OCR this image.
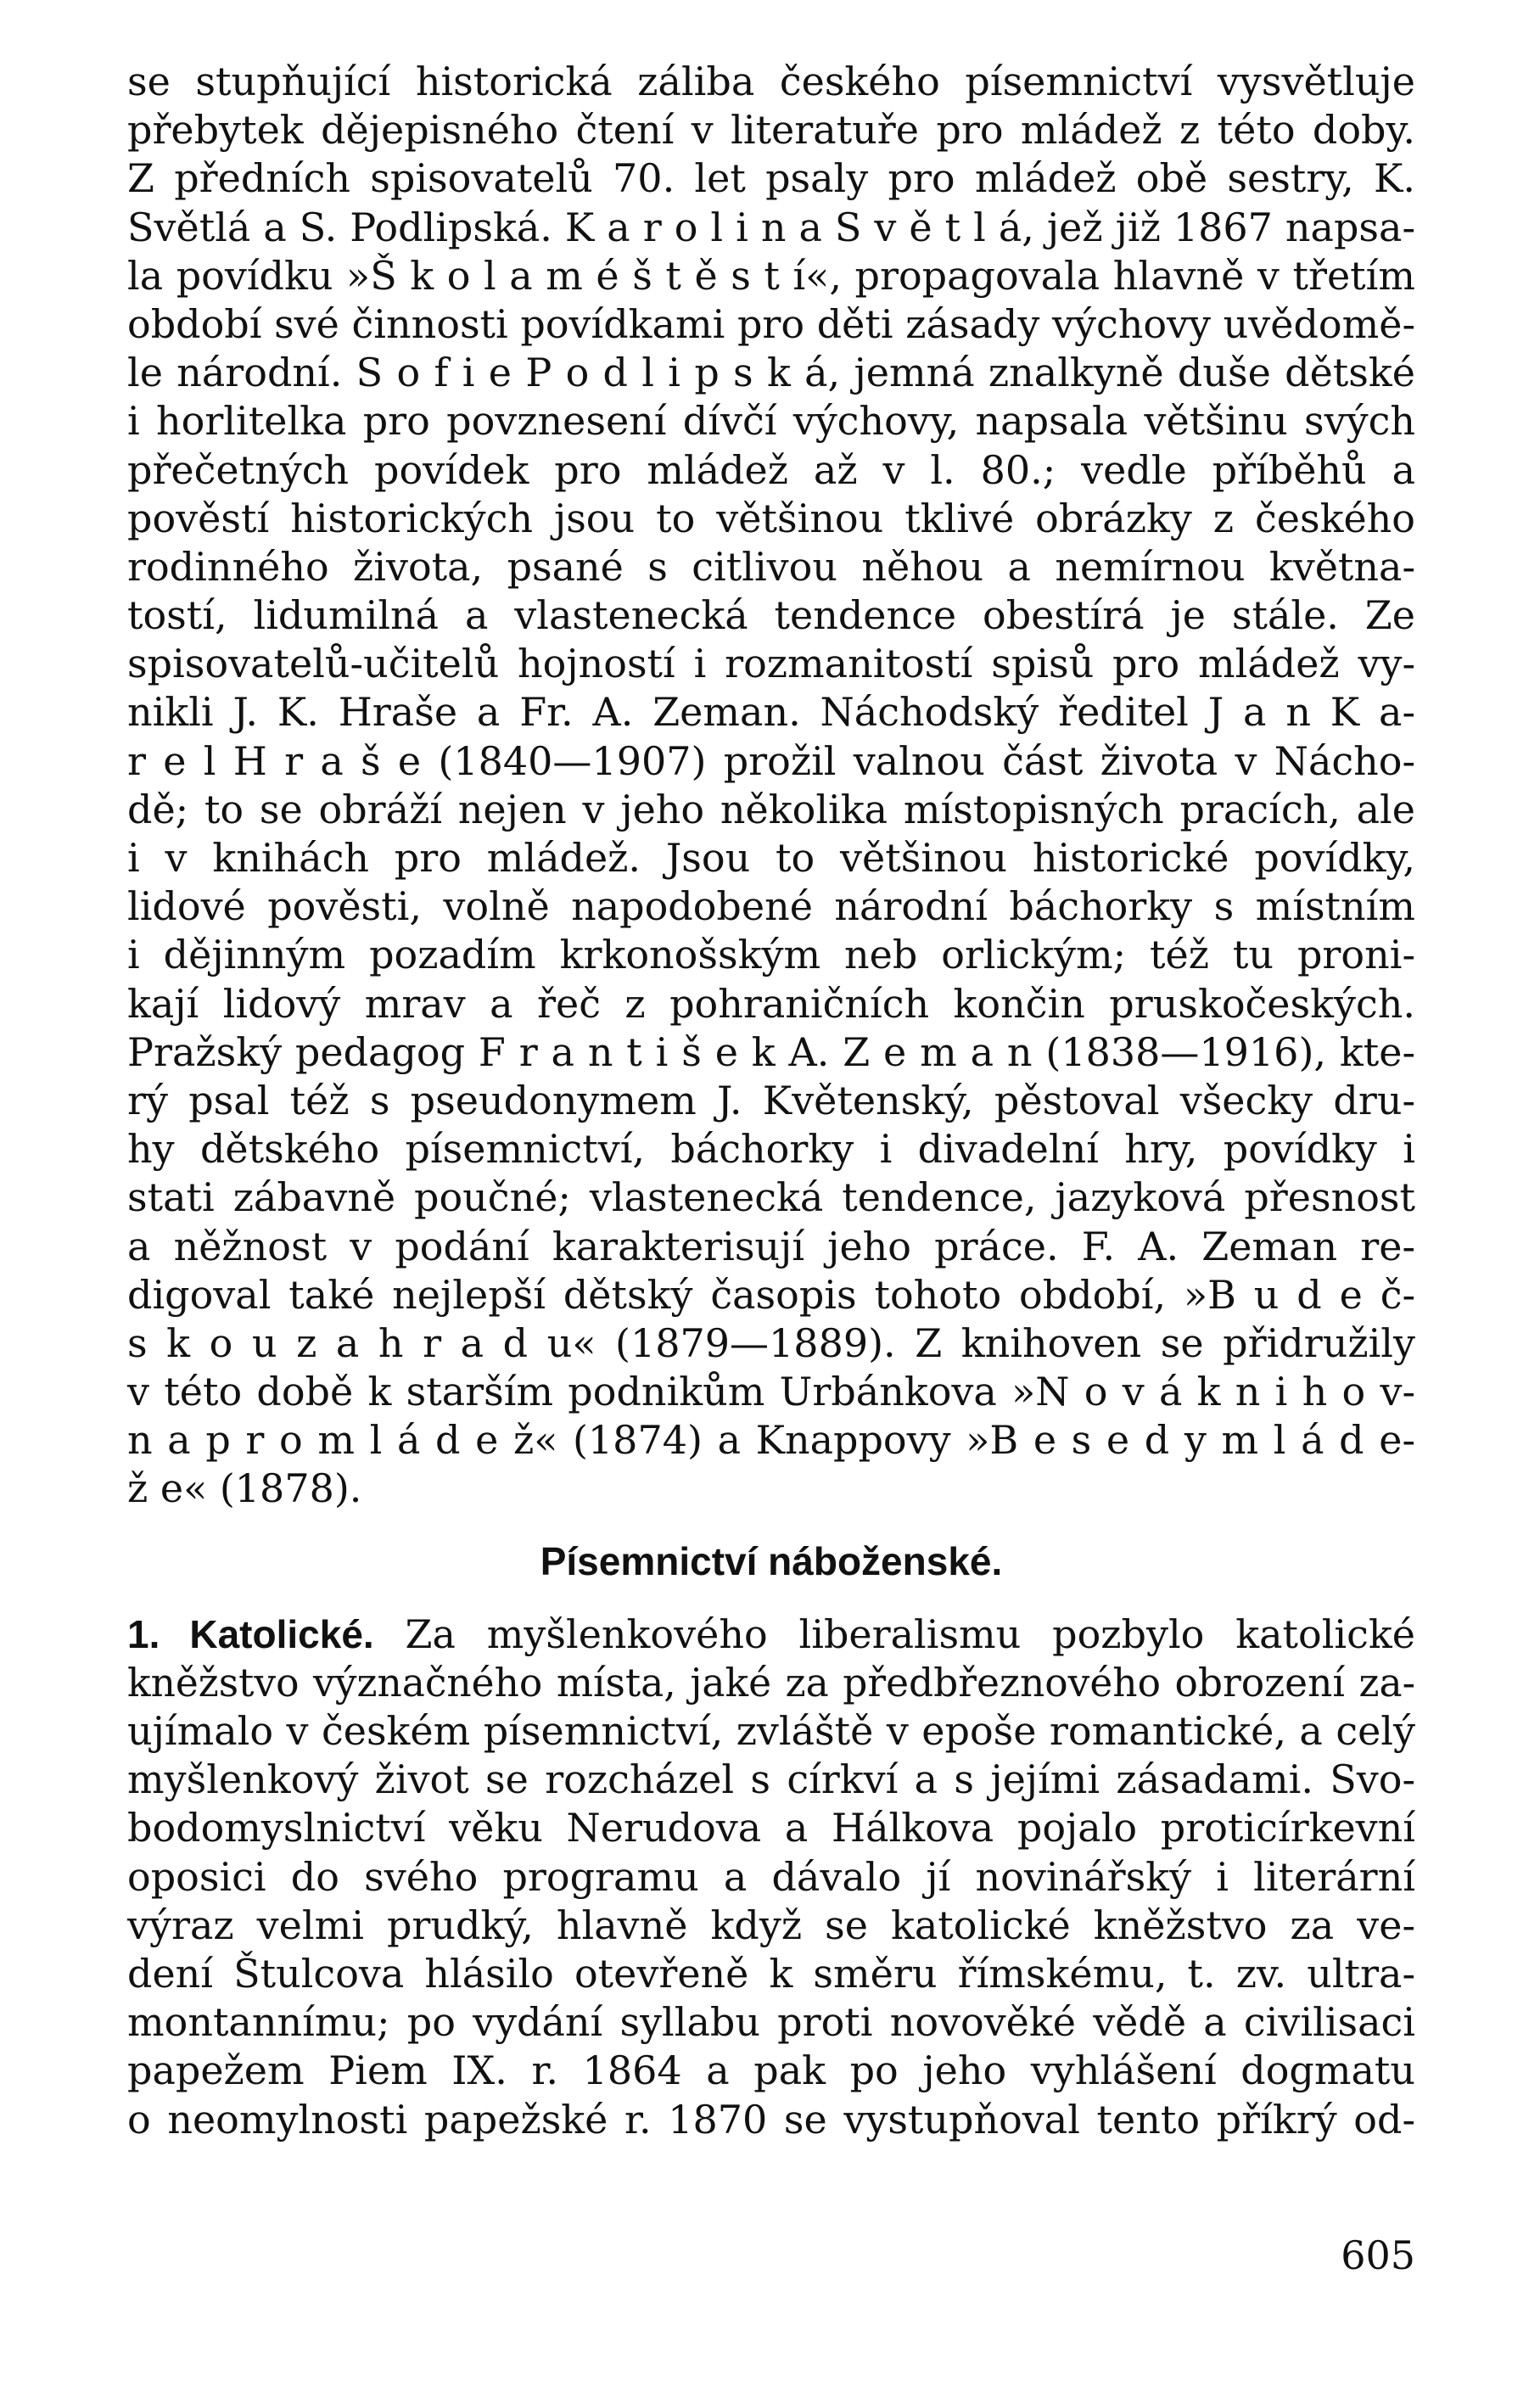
se stupňující historická záliba českého písemnictví vysvětluje
přebytek dějepisného čtení v literatuře pro mládež z této doby.
Z předních spisovatelů 70. let psaly pro mládež obě sestry, K.
Světlá a S. Podlipská. K a r o l i n a S v ě t l á, jež již 1867 napsa-
la povídku »Š k o l a m é š t ě s t í«, propagovala hlavně v třetím
období své činnosti povídkami pro děti zásady výchovy uvědomě-
le národní. S o f i e P o d l i p s k á, jemná znalkyně duše dětské
i horlitelka pro povznesení dívčí výchovy, napsala většinu svých
přečetných povídek pro mládež až v l. 80.; vedle příběhů a
pověstí historických jsou to většinou tklivé obrázky z českého
rodinného života, psané s citlivou něhou a nemírnou května-
tostí, lidumilná a vlastenecká tendence obestírá je stále. Ze
spisovatelů-učitelů hojností i rozmanitostí spisů pro mládež vy-
nikli J. K. Hraše a Fr. A. Zeman. Náchodský ředitel J a n K a-
r e l H r a š e (1840—1907) prožil valnou část života v Nácho-
dě; to se obráží nejen v jeho několika místopisných pracích, ale
i v knihách pro mládež. Jsou to většinou historické povídky,
lidové pověsti, volně napodobené národní báchorky s místním
i dějinným pozadím krkonošským neb orlickým; též tu proni-
kají lidový mrav a řeč z pohraničních končin pruskočeských.
Pražský pedagog F r a n t i š e k A. Z e m a n (1838—1916), kte-
rý psal též s pseudonymem J. Květenský, pěstoval všecky dru-
hy dětského písemnictví, báchorky i divadelní hry, povídky i
stati zábavně poučné; vlastenecká tendence, jazyková přesnost
a něžnost v podání karakterisují jeho práce. F. A. Zeman re-
digoval také nejlepší dětský časopis tohoto období, »B u d e č-
s k o u z a h r a d u« (1879—1889). Z knihoven se přidružily
v této době k starším podnikům Urbánkova »N o v á k n i h o v-
n a p r o m l á d e ž« (1874) a Knappovy »B e s e d y m l á d e-
ž e« (1878).
Písemnictví náboženské.
1. Katolické. Za myšlenkového liberalismu pozbylo katolické
kněžstvo význačného místa, jaké za předbřeznového obrození za-
ujímalo v českém písemnictví, zvláště v epoše romantické, a celý
myšlenkový život se rozcházel s církví a s jejími zásadami. Svo-
bodomyslnictví věku Nerudova a Hálkova pojalo proticírkevní
oposici do svého programu a dávalo jí novinářský i literární
výraz velmi prudký, hlavně když se katolické kněžstvo za ve-
dení Štulcova hlásilo otevřeně k směru římskému, t. zv. ultra-
montannímu; po vydání syllabu proti novověké vědě a civilisaci
papežem Piem IX. r. 1864 a pak po jeho vyhlášení dogmatu
o neomylnosti papežské r. 1870 se vystupňoval tento příkrý od-
605
